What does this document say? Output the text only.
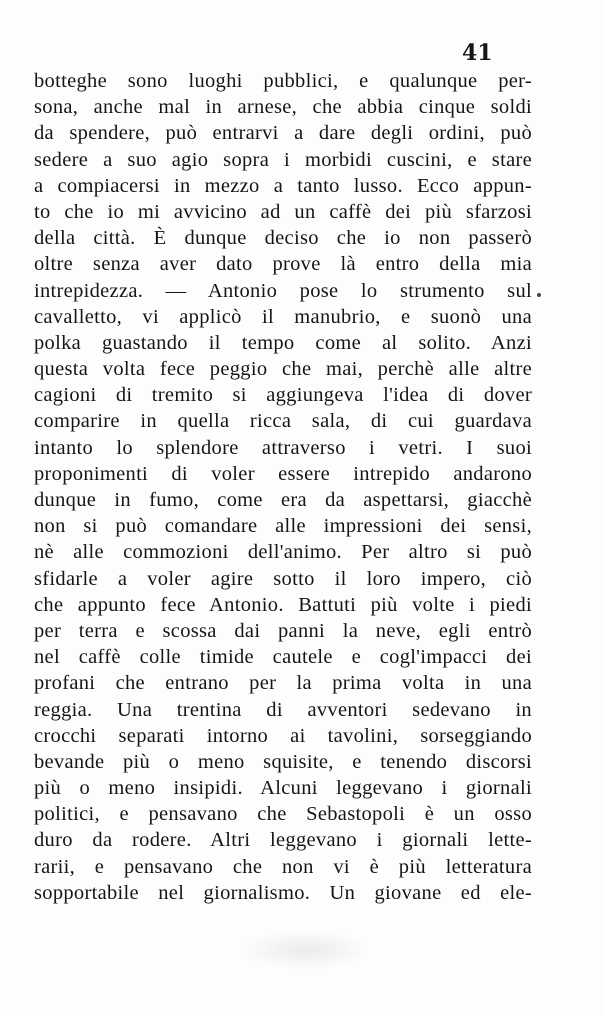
41
botteghe sono luoghi pubblici, e qualunque per-
sona, anche mal in arnese, che abbia cinque soldi
da spendere, può entrarvi a dare degli ordini, può
sedere a suo agio sopra i morbidi cuscini, e stare
a compiacersi in mezzo a tanto lusso. Ecco appun-
to che io mi avvicino ad un caffè dei più sfarzosi
della città. È dunque deciso che io non passerò
oltre senza aver dato prove là entro della mia
intrepidezza. — Antonio pose lo strumento sul
cavalletto, vi applicò il manubrio, e suonò una
polka guastando il tempo come al solito. Anzi
questa volta fece peggio che mai, perchè alle altre
cagioni di tremito si aggiungeva l'idea di dover
comparire in quella ricca sala, di cui guardava
intanto lo splendore attraverso i vetri. I suoi
proponimenti di voler essere intrepido andarono
dunque in fumo, come era da aspettarsi, giacchè
non si può comandare alle impressioni dei sensi,
nè alle commozioni dell'animo. Per altro si può
sfidarle a voler agire sotto il loro impero, ciò
che appunto fece Antonio. Battuti più volte i piedi
per terra e scossa dai panni la neve, egli entrò
nel caffè colle timide cautele e cogl'impacci dei
profani che entrano per la prima volta in una
reggia. Una trentina di avventori sedevano in
crocchi separati intorno ai tavolini, sorseggiando
bevande più o meno squisite, e tenendo discorsi
più o meno insipidi. Alcuni leggevano i giornali
politici, e pensavano che Sebastopoli è un osso
duro da rodere. Altri leggevano i giornali lette-
rarii, e pensavano che non vi è più letteratura
sopportabile nel giornalismo. Un giovane ed ele-
